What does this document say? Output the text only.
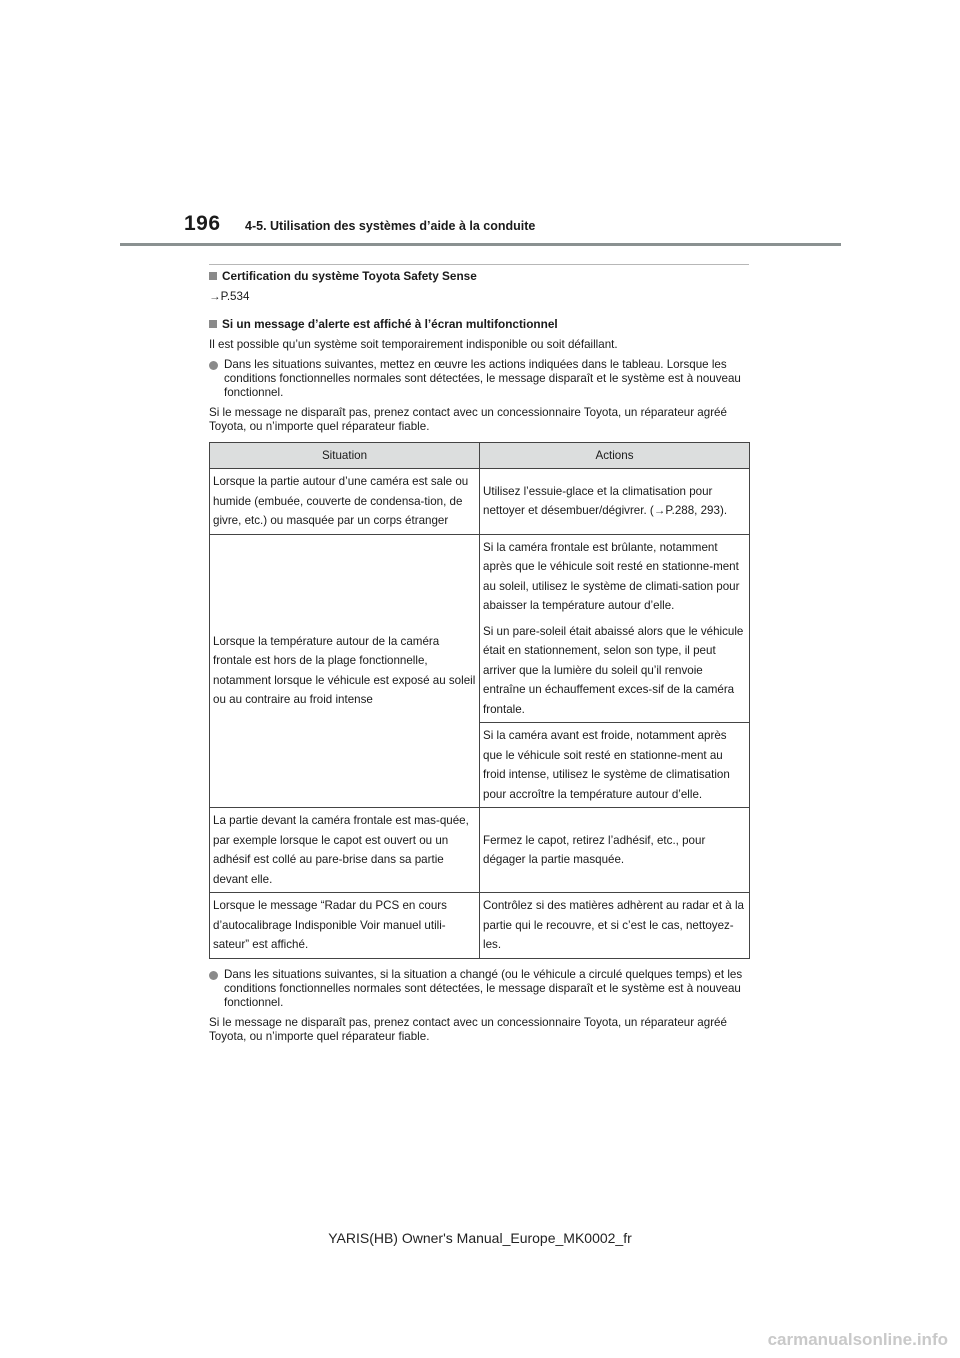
196 4-5. Utilisation des systèmes d’aide à la conduite
Certification du système Toyota Safety Sense

→P.534

Si un message d’alerte est affiché à l’écran multifonctionnel

Il est possible qu’un système soit temporairement indisponible ou soit défaillant.

Dans les situations suivantes, mettez en œuvre les actions indiquées dans le tableau. Lorsque les conditions fonctionnelles normales sont détectées, le message disparaît et le système est à nouveau fonctionnel.

Si le message ne disparaît pas, prenez contact avec un concessionnaire Toyota, un réparateur agréé Toyota, ou n’importe quel réparateur fiable.

Situation	Actions
Lorsque la partie autour d’une caméra est sale ou humide (embuée, couverte de condensa-tion, de givre, etc.) ou masquée par un corps étranger	Utilisez l’essuie-glace et la climatisation pour nettoyer et désembuer/dégivrer. (→P.288, 293).
Lorsque la température autour de la caméra frontale est hors de la plage fonctionnelle, notamment lorsque le véhicule est exposé au soleil ou au contraire au froid intense	Si la caméra frontale est brûlante, notamment après que le véhicule soit resté en stationne-ment au soleil, utilisez le système de climati-sation pour abaisser la température autour d’elle.

Si un pare-soleil était abaissé alors que le véhicule était en stationnement, selon son type, il peut arriver que la lumière du soleil qu’il renvoie entraîne un échauffement exces-sif de la caméra frontale.

	Si la caméra avant est froide, notamment après que le véhicule soit resté en stationne-ment au froid intense, utilisez le système de climatisation pour accroître la température autour d’elle.
La partie devant la caméra frontale est mas-quée, par exemple lorsque le capot est ouvert ou un adhésif est collé au pare-brise dans sa partie devant elle.	Fermez le capot, retirez l’adhésif, etc., pour dégager la partie masquée.
Lorsque le message “Radar du PCS en cours d’autocalibrage Indisponible Voir manuel utili-sateur” est affiché.	Contrôlez si des matières adhèrent au radar et à la partie qui le recouvre, et si c’est le cas, nettoyez-les.
Dans les situations suivantes, si la situation a changé (ou le véhicule a circulé quelques temps) et les conditions fonctionnelles normales sont détectées, le message disparaît et le système est à nouveau fonctionnel.

Si le message ne disparaît pas, prenez contact avec un concessionnaire Toyota, un réparateur agréé Toyota, ou n’importe quel réparateur fiable.

YARIS(HB) Owner's Manual_Europe_MK0002_fr

carmanualsonline.info
